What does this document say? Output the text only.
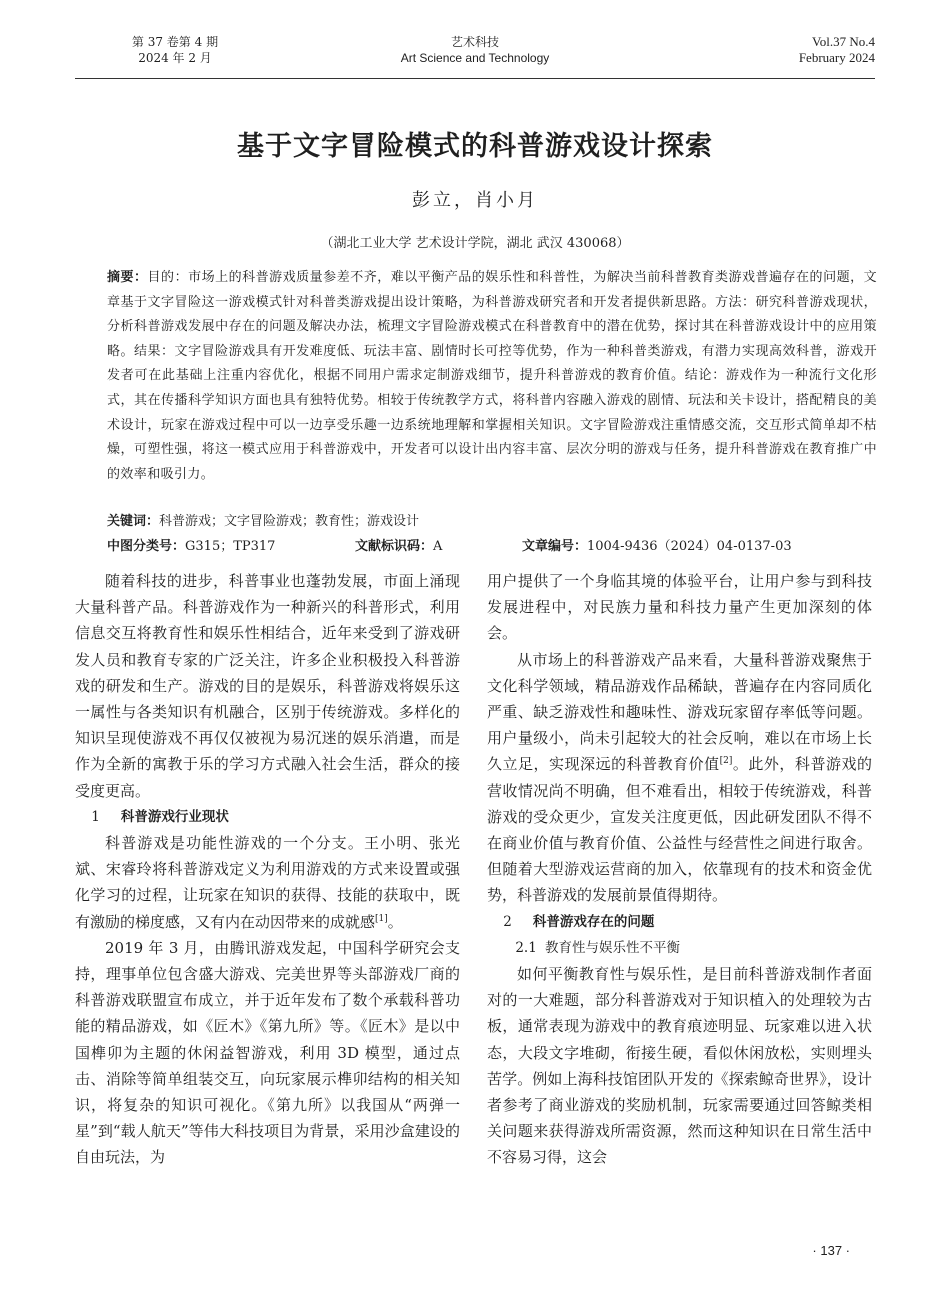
第 37 卷第 4 期
2024 年 2 月
艺术科技
Art Science and Technology
Vol.37 No.4
February 2024
基于文字冒险模式的科普游戏设计探索
彭立，肖小月
（湖北工业大学 艺术设计学院，湖北 武汉 430068）
摘要：目的：市场上的科普游戏质量参差不齐，难以平衡产品的娱乐性和科普性，为解决当前科普教育类游戏普遍存在的问题，文章基于文字冒险这一游戏模式针对科普类游戏提出设计策略，为科普游戏研究者和开发者提供新思路。方法：研究科普游戏现状，分析科普游戏发展中存在的问题及解决办法，梳理文字冒险游戏模式在科普教育中的潜在优势，探讨其在科普游戏设计中的应用策略。结果：文字冒险游戏具有开发难度低、玩法丰富、剧情时长可控等优势，作为一种科普类游戏，有潜力实现高效科普，游戏开发者可在此基础上注重内容优化，根据不同用户需求定制游戏细节，提升科普游戏的教育价值。结论：游戏作为一种流行文化形式，其在传播科学知识方面也具有独特优势。相较于传统教学方式，将科普内容融入游戏的剧情、玩法和关卡设计，搭配精良的美术设计，玩家在游戏过程中可以一边享受乐趣一边系统地理解和掌握相关知识。文字冒险游戏注重情感交流，交互形式简单却不枯燥，可塑性强，将这一模式应用于科普游戏中，开发者可以设计出内容丰富、层次分明的游戏与任务，提升科普游戏在教育推广中的效率和吸引力。
关键词：科普游戏；文字冒险游戏；教育性；游戏设计
中图分类号：G315；TP317	文献标识码：A	文章编号：1004-9436（2024）04-0137-03

随着科技的进步，科普事业也蓬勃发展，市面上涌现大量科普产品。科普游戏作为一种新兴的科普形式，利用信息交互将教育性和娱乐性相结合，近年来受到了游戏研发人员和教育专家的广泛关注，许多企业积极投入科普游戏的研发和生产。游戏的目的是娱乐，科普游戏将娱乐这一属性与各类知识有机融合，区别于传统游戏。多样化的知识呈现使游戏不再仅仅被视为易沉迷的娱乐消遣，而是作为全新的寓教于乐的学习方式融入社会生活，群众的接受度更高。

1 科普游戏行业现状

科普游戏是功能性游戏的一个分支。王小明、张光斌、宋睿玲将科普游戏定义为利用游戏的方式来设置或强化学习的过程，让玩家在知识的获得、技能的获取中，既有激励的梯度感，又有内在动因带来的成就感[1]。

2019 年 3 月，由腾讯游戏发起，中国科学研究会支持，理事单位包含盛大游戏、完美世界等头部游戏厂商的科普游戏联盟宣布成立，并于近年发布了数个承载科普功能的精品游戏，如《匠木》《第九所》等。《匠木》是以中国榫卯为主题的休闲益智游戏，利用 3D 模型，通过点击、消除等简单组装交互，向玩家展示榫卯结构的相关知识，将复杂的知识可视化。《第九所》以我国从“两弹一星”到“载人航天”等伟大科技项目为背景，采用沙盒建设的自由玩法，为

用户提供了一个身临其境的体验平台，让用户参与到科技发展进程中，对民族力量和科技力量产生更加深刻的体会。

从市场上的科普游戏产品来看，大量科普游戏聚焦于文化科学领域，精品游戏作品稀缺，普遍存在内容同质化严重、缺乏游戏性和趣味性、游戏玩家留存率低等问题。用户量级小，尚未引起较大的社会反响，难以在市场上长久立足，实现深远的科普教育价值[2]。此外，科普游戏的营收情况尚不明确，但不难看出，相较于传统游戏，科普游戏的受众更少，宣发关注度更低，因此研发团队不得不在商业价值与教育价值、公益性与经营性之间进行取舍。但随着大型游戏运营商的加入，依靠现有的技术和资金优势，科普游戏的发展前景值得期待。

2 科普游戏存在的问题
2.1 教育性与娱乐性不平衡

如何平衡教育性与娱乐性，是目前科普游戏制作者面对的一大难题，部分科普游戏对于知识植入的处理较为古板，通常表现为游戏中的教育痕迹明显、玩家难以进入状态，大段文字堆砌，衔接生硬，看似休闲放松，实则埋头苦学。例如上海科技馆团队开发的《探索鲸奇世界》，设计者参考了商业游戏的奖励机制，玩家需要通过回答鲸类相关问题来获得游戏所需资源，然而这种知识在日常生活中不容易习得，这会

· 137 ·
